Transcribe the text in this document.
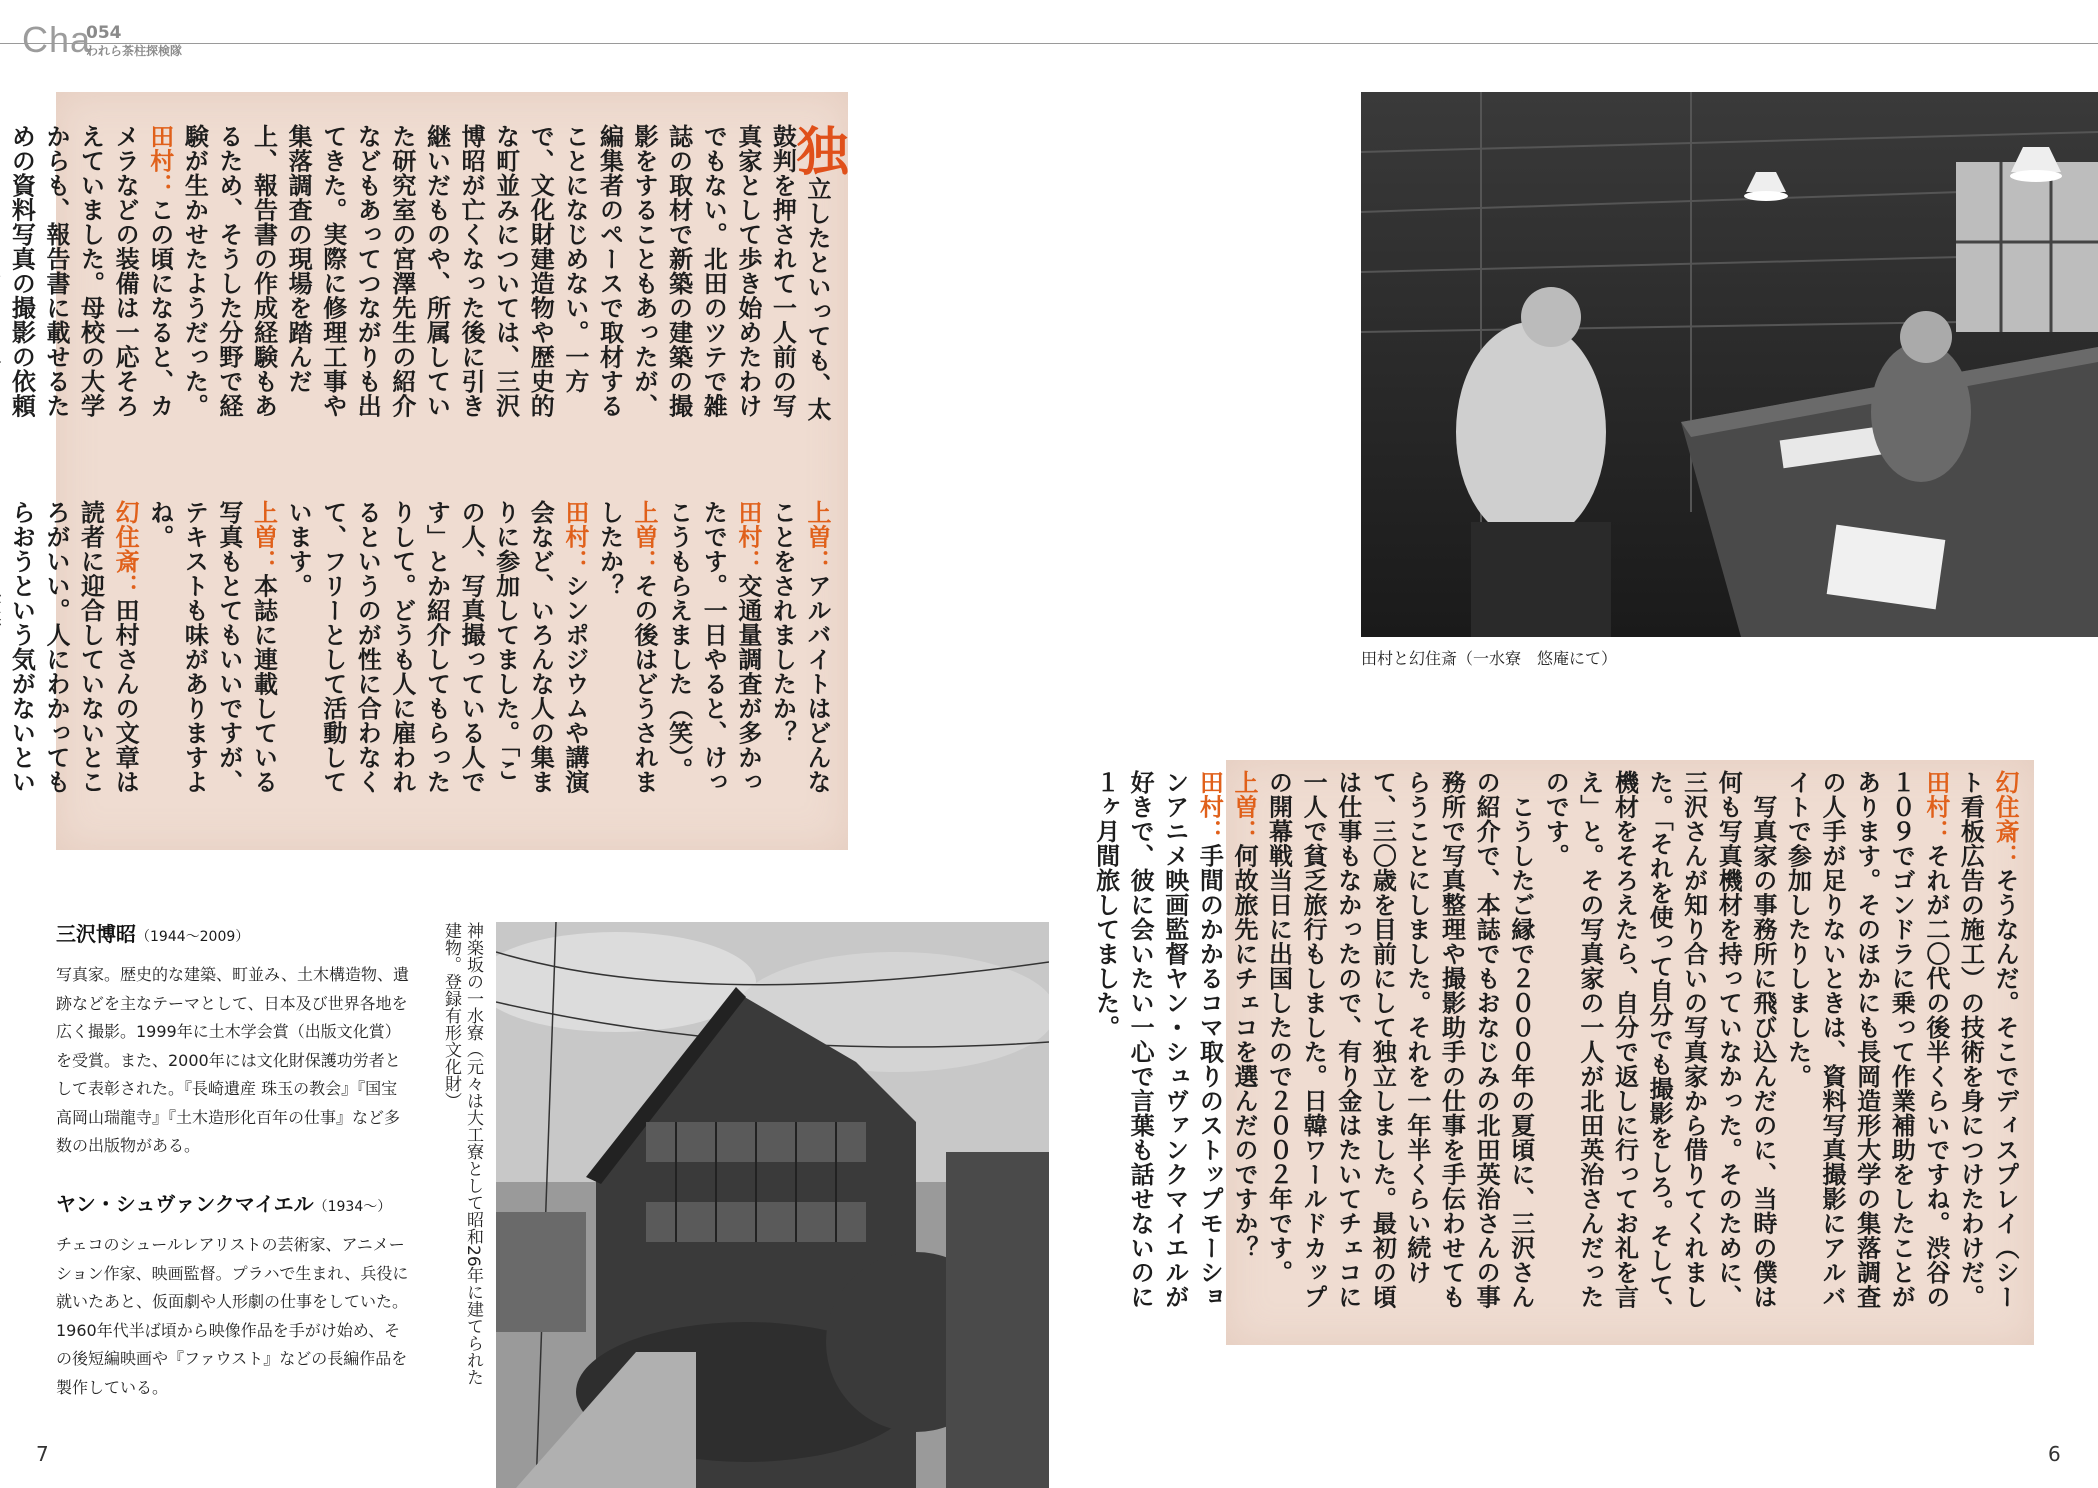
Cha
054
われら茶柱探検隊
独立したといっても、太鼓判を押されて一人前の写真家として歩き始めたわけでもない。北田のツテで雑誌の取材で新築の建築の撮影をすることもあったが、編集者のペースで取材することになじめない。一方で、文化財建造物や歴史的な町並みについては、三沢博昭が亡くなった後に引き継いだものや、所属していた研究室の宮澤先生の紹介などもあってつながりも出てきた。実際に修理工事や集落調査の現場を踏んだ上、報告書の作成経験もあるため、そうした分野で経験が生かせたようだった。
田村：この頃になると、カメラなどの装備は一応そろえていました。母校の大学からも、報告書に載せるための資料写真の撮影の依頼
上曽：アルバイトはどんなことをされましたか？
田村：交通量調査が多かったです。一日やると、けっこうもらえました（笑）。
上曽：その後はどうされましたか？
田村：シンポジウムや講演会など、いろんな人の集まりに参加してました。「この人、写真撮っている人です」とか紹介してもらったりして。どうも人に雇われるというのが性に合わなくて、フリーとして活動しています。
上曽：本誌に連載している写真もとてもいいですが、テキストも味がありますよね。
幻住斎：田村さんの文章は読者に迎合していないところがいい。人にわかってもらおうという気がないとい	幻住斎：そうなんだ。そこでディスプレイ（シート看板広告の施工）の技術を身につけたわけだ。
田村：それが二〇代の後半くらいですね。渋谷の１０９でゴンドラに乗って作業補助をしたことがあります。そのほかにも長岡造形大学の集落調査の人手が足りないときは、資料写真撮影にアルバイトで参加したりしました。
　写真家の事務所に飛び込んだのに、当時の僕は何も写真機材を持っていなかった。そのために、三沢さんが知り合いの写真家から借りてくれました。「それを使って自分でも撮影をしろ。そして、機材をそろえたら、自分で返しに行ってお礼を言え」と。その写真家の一人が北田英治さんだったのです。
　こうしたご縁で２０００年の夏頃に、三沢さんの紹介で、本誌でもおなじみの北田英治さんの事務所で写真整理や撮影助手の仕事を手伝わせてもらうことにしました。それを一年半くらい続けて、三〇歳を目前にして独立しました。最初の頃は仕事もなかったので、有り金はたいてチェコに一人で貧乏旅行もしました。日韓ワールドカップの開幕戦当日に出国したので２００２年です。
上曽：何故旅先にチェコを選んだのですか？
田村：手間のかかるコマ取りのストップモーションアニメ映画監督ヤン・シュヴァンクマイエルが好きで、彼に会いたい一心で言葉も話せないのに１ヶ月間旅してました。
田村と幻住斎（一水寮　悠庵にて）
神楽坂の一水寮（元々は大工寮として昭和26年に建てられた建物。登録有形文化財）
三沢博昭（1944～2009）
写真家。歴史的な建築、町並み、土木構造物、遺跡などを主なテーマとして、日本及び世界各地を広く撮影。1999年に土木学会賞（出版文化賞）を受賞。また、2000年には文化財保護功労者として表彰された。『長崎遺産 珠玉の教会』『国宝　高岡山瑞龍寺』『土木造形化百年の仕事』など多数の出版物がある。
ヤン・シュヴァンクマイエル（1934～）
チェコのシュールレアリストの芸術家、アニメーション作家、映画監督。プラハで生まれ、兵役に就いたあと、仮面劇や人形劇の仕事をしていた。1960年代半ば頃から映像作品を手がけ始め、その後短編映画や『ファウスト』などの長編作品を製作している。
7	6
